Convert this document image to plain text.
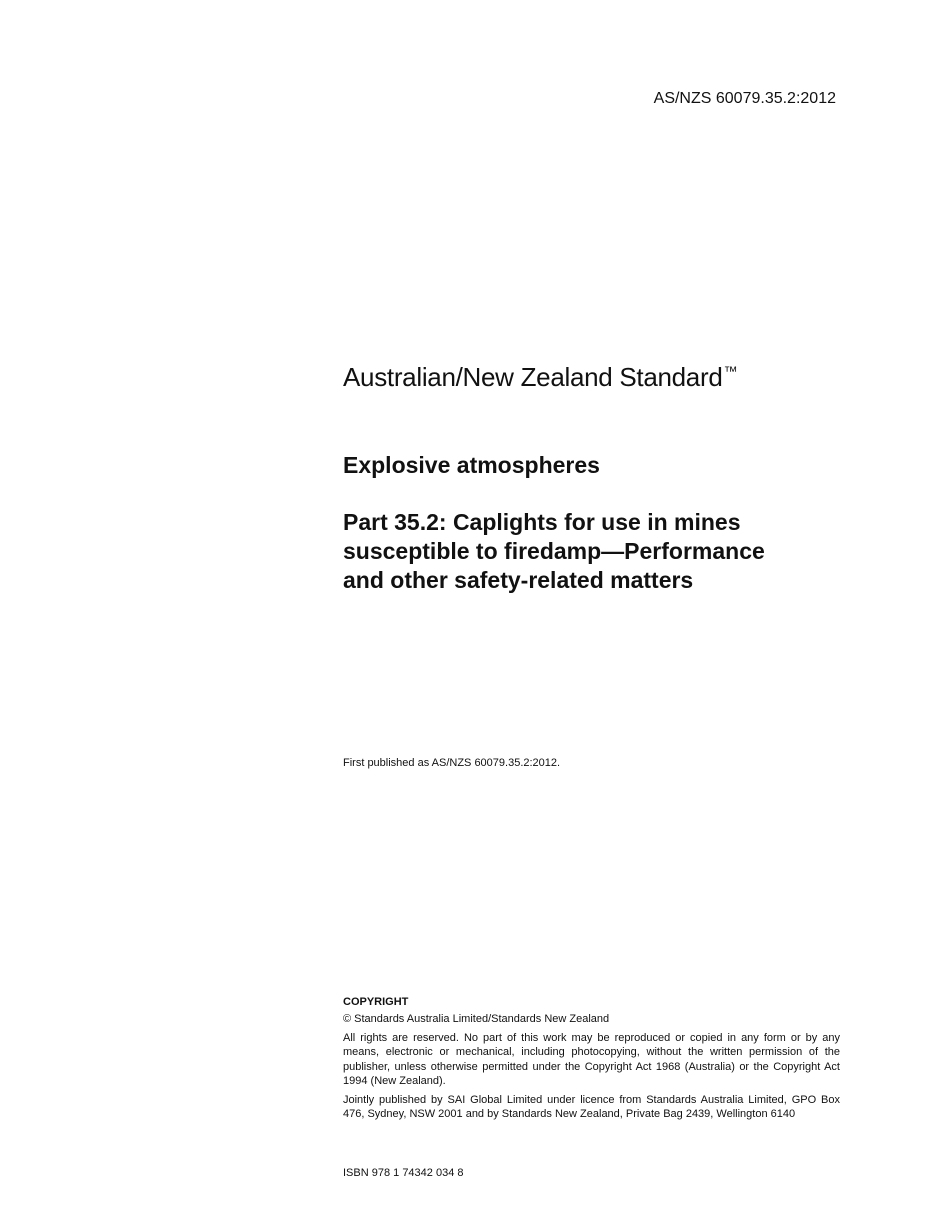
AS/NZS 60079.35.2:2012
Australian/New Zealand Standard™
Explosive atmospheres
Part 35.2: Caplights for use in mines
susceptible to firedamp—Performance
and other safety-related matters
First published as AS/NZS 60079.35.2:2012.
COPYRIGHT

© Standards Australia Limited/Standards New Zealand

All rights are reserved. No part of this work may be reproduced or copied in any form or by any means, electronic or mechanical, including photocopying, without the written permission of the publisher, unless otherwise permitted under the Copyright Act 1968 (Australia) or the Copyright Act 1994 (New Zealand).

Jointly published by SAI Global Limited under licence from Standards Australia Limited, GPO Box 476, Sydney, NSW 2001 and by Standards New Zealand, Private Bag 2439, Wellington 6140

ISBN 978 1 74342 034 8
